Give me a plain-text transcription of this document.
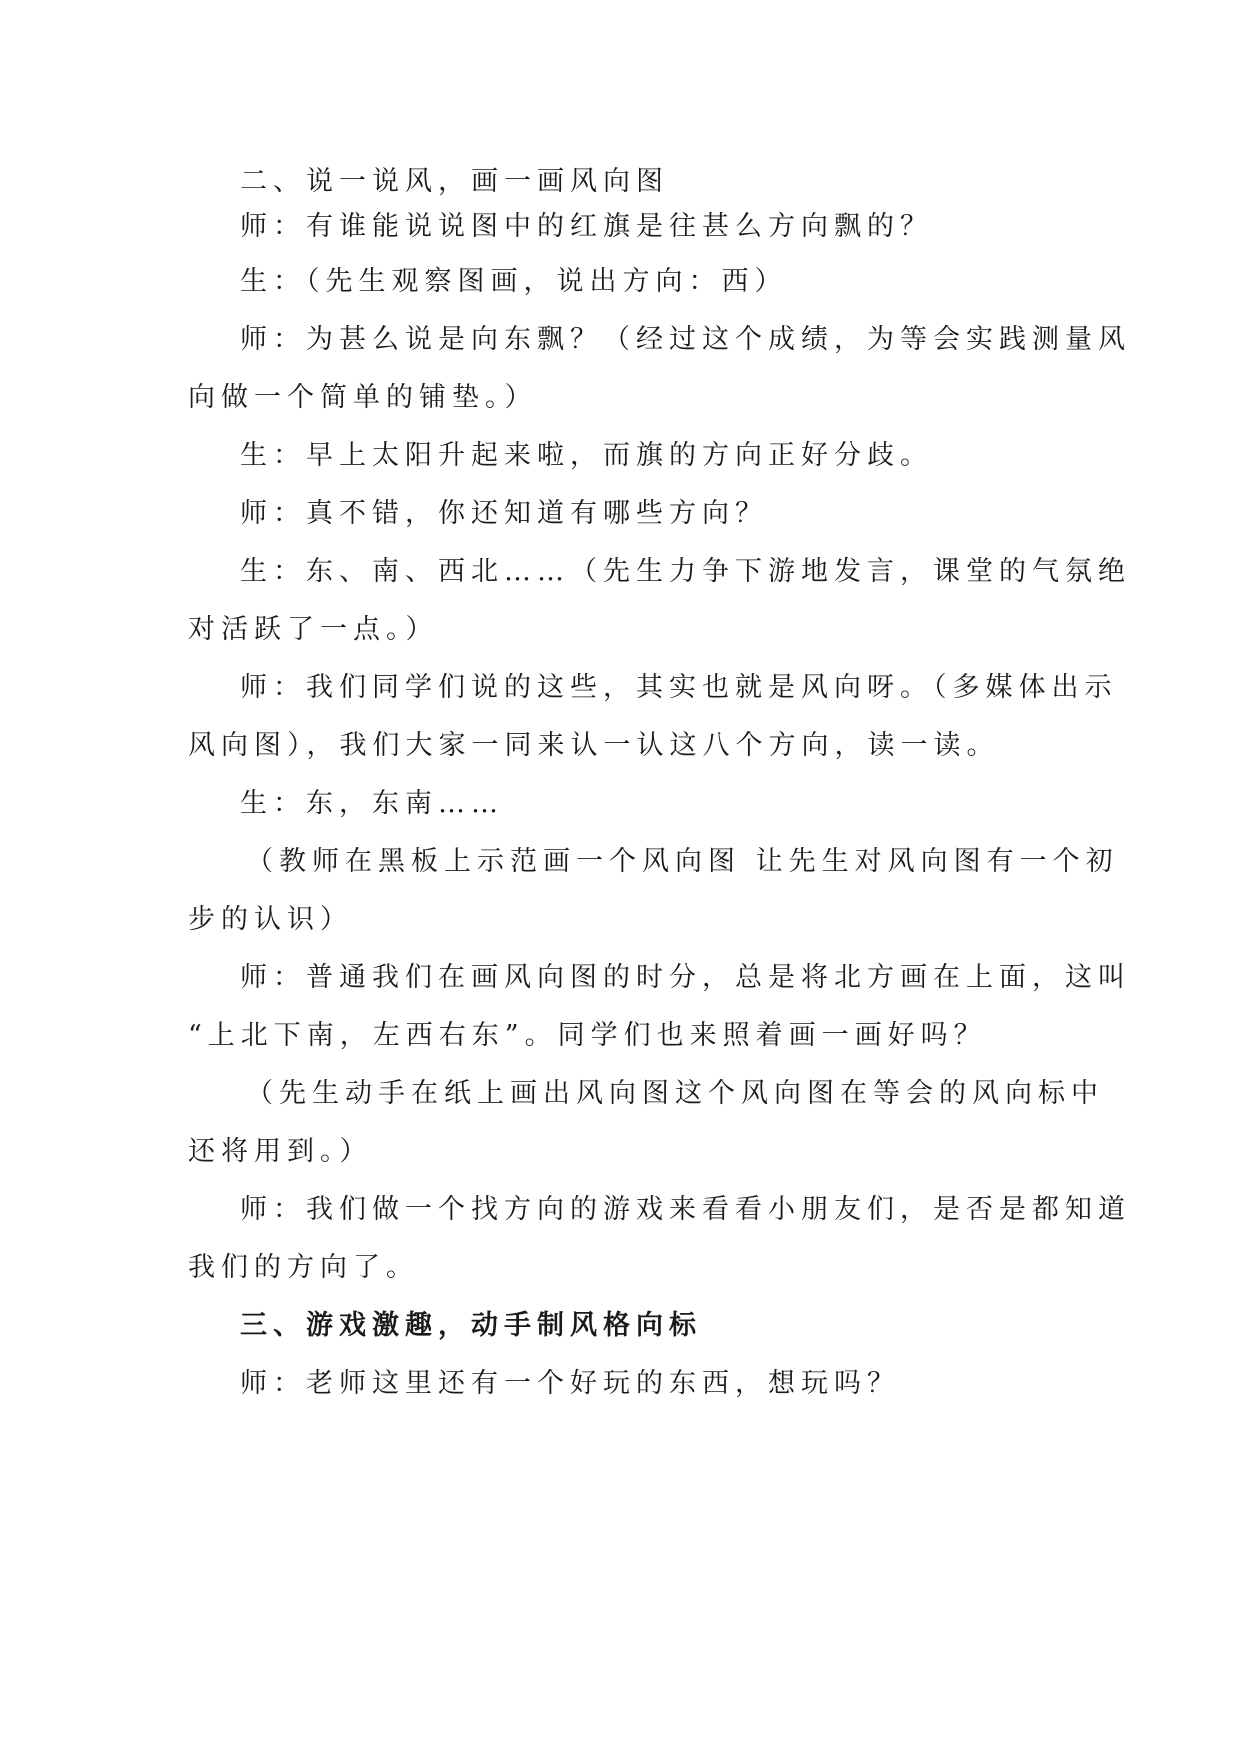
二、说一说风，画一画风向图
师：有谁能说说图中的红旗是往甚么方向飘的？
生：（先生观察图画，说出方向：西）
师：为甚么说是向东飘？（经过这个成绩，为等会实践测量风
向做一个简单的铺垫。）
生：早上太阳升起来啦，而旗的方向正好分歧。
师：真不错，你还知道有哪些方向？
生：东、南、西北……（先生力争下游地发言，课堂的气氛绝
对活跃了一点。）
师：我们同学们说的这些，其实也就是风向呀。（多媒体出示
风向图），我们大家一同来认一认这八个方向，读一读。
生：东，东南……
（教师在黑板上示范画一个风向图 让先生对风向图有一个初
步的认识）
师：普通我们在画风向图的时分，总是将北方画在上面，这叫
“上北下南，左西右东”。同学们也来照着画一画好吗？
（先生动手在纸上画出风向图这个风向图在等会的风向标中
还将用到。）
师：我们做一个找方向的游戏来看看小朋友们，是否是都知道
我们的方向了。
三、游戏激趣，动手制风格向标
师：老师这里还有一个好玩的东西，想玩吗？
